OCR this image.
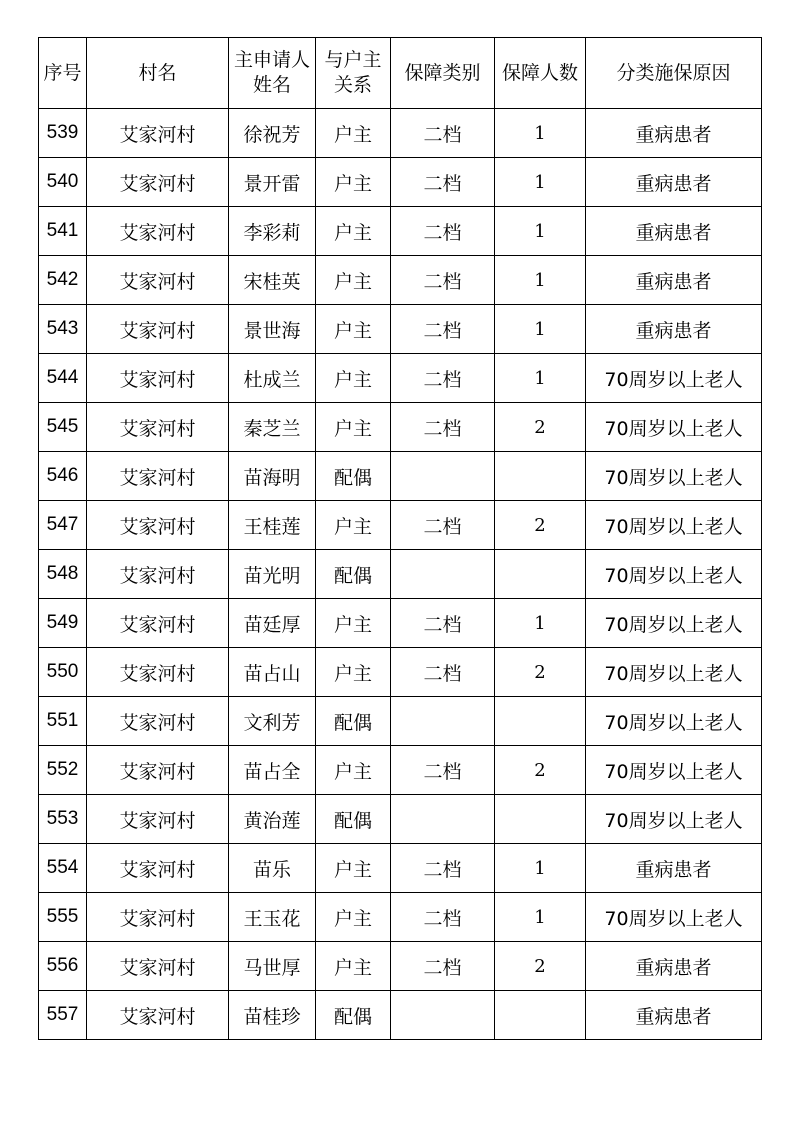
序号	村名	主申请人姓名	与户主关系	保障类别	保障人数	分类施保原因
539	艾家河村	徐祝芳	户主	二档	1	重病患者
540	艾家河村	景开雷	户主	二档	1	重病患者
541	艾家河村	李彩莉	户主	二档	1	重病患者
542	艾家河村	宋桂英	户主	二档	1	重病患者
543	艾家河村	景世海	户主	二档	1	重病患者
544	艾家河村	杜成兰	户主	二档	1	70周岁以上老人
545	艾家河村	秦芝兰	户主	二档	2	70周岁以上老人
546	艾家河村	苗海明	配偶			70周岁以上老人
547	艾家河村	王桂莲	户主	二档	2	70周岁以上老人
548	艾家河村	苗光明	配偶			70周岁以上老人
549	艾家河村	苗廷厚	户主	二档	1	70周岁以上老人
550	艾家河村	苗占山	户主	二档	2	70周岁以上老人
551	艾家河村	文利芳	配偶			70周岁以上老人
552	艾家河村	苗占全	户主	二档	2	70周岁以上老人
553	艾家河村	黄治莲	配偶			70周岁以上老人
554	艾家河村	苗乐	户主	二档	1	重病患者
555	艾家河村	王玉花	户主	二档	1	70周岁以上老人
556	艾家河村	马世厚	户主	二档	2	重病患者
557	艾家河村	苗桂珍	配偶			重病患者
